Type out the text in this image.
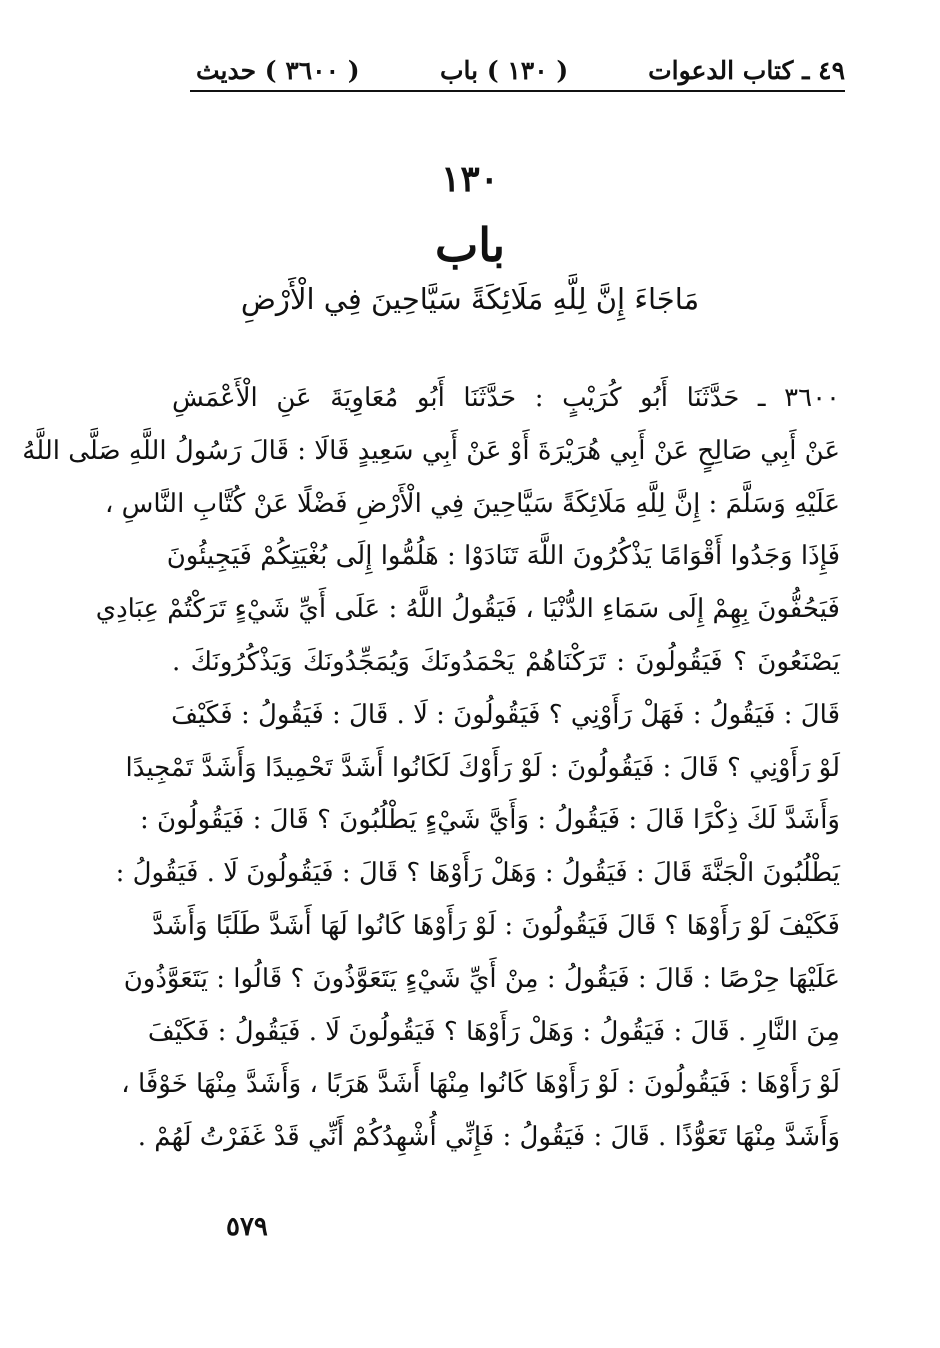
( ٣٦٠٠ ) حديث	( ١٣٠ ) باب	٤٩ ـ كتاب الدعوات
١٣٠
باب
مَاجَاءَ إِنَّ لِلَّهِ مَلَائِكَةً سَيَّاحِينَ فِي الْأَرْضِ
٣٦٠٠ ـ حَدَّثَنَا أَبُو كُرَيْبٍ : حَدَّثَنَا أَبُو مُعَاوِيَةَ عَنِ الْأَعْمَشِ
عَنْ أَبِي صَالِحٍ عَنْ أَبِي هُرَيْرَةَ أَوْ عَنْ أَبِي سَعِيدٍ قَالَا : قَالَ رَسُولُ اللَّهِ صَلَّى اللَّهُ
عَلَيْهِ وَسَلَّمَ : إِنَّ لِلَّهِ مَلَائِكَةً سَيَّاحِينَ فِي الْأَرْضِ فَضْلًا عَنْ كُتَّابِ النَّاسِ ،
فَإِذَا وَجَدُوا أَقْوَامًا يَذْكُرُونَ اللَّهَ تَنَادَوْا : هَلُمُّوا إِلَى بُغْيَتِكُمْ فَيَجِيئُونَ
فَيَحُفُّونَ بِهِمْ إِلَى سَمَاءِ الدُّنْيَا ، فَيَقُولُ اللَّهُ : عَلَى أَيِّ شَيْءٍ تَرَكْتُمْ عِبَادِي
يَصْنَعُونَ ؟ فَيَقُولُونَ : تَرَكْنَاهُمْ يَحْمَدُونَكَ وَيُمَجِّدُونَكَ وَيَذْكُرُونَكَ .
قَالَ : فَيَقُولُ : فَهَلْ رَأَوْنِي ؟ فَيَقُولُونَ : لَا . قَالَ : فَيَقُولُ : فَكَيْفَ
لَوْ رَأَوْنِي ؟ قَالَ : فَيَقُولُونَ : لَوْ رَأَوْكَ لَكَانُوا أَشَدَّ تَحْمِيدًا وَأَشَدَّ تَمْجِيدًا
وَأَشَدَّ لَكَ ذِكْرًا قَالَ : فَيَقُولُ : وَأَيَّ شَيْءٍ يَطْلُبُونَ ؟ قَالَ : فَيَقُولُونَ :
يَطْلُبُونَ الْجَنَّةَ قَالَ : فَيَقُولُ : وَهَلْ رَأَوْهَا ؟ قَالَ : فَيَقُولُونَ لَا . فَيَقُولُ :
فَكَيْفَ لَوْ رَأَوْهَا ؟ قَالَ فَيَقُولُونَ : لَوْ رَأَوْهَا كَانُوا لَهَا أَشَدَّ طَلَبًا وَأَشَدَّ
عَلَيْهَا حِرْصًا : قَالَ : فَيَقُولُ : مِنْ أَيِّ شَيْءٍ يَتَعَوَّذُونَ ؟ قَالُوا : يَتَعَوَّذُونَ
مِنَ النَّارِ . قَالَ : فَيَقُولُ : وَهَلْ رَأَوْهَا ؟ فَيَقُولُونَ لَا . فَيَقُولُ : فَكَيْفَ
لَوْ رَأَوْهَا : فَيَقُولُونَ : لَوْ رَأَوْهَا كَانُوا مِنْهَا أَشَدَّ هَرَبًا ، وَأَشَدَّ مِنْهَا خَوْفًا ،
وَأَشَدَّ مِنْهَا تَعَوُّذًا . قَالَ : فَيَقُولُ : فَإِنِّي أُشْهِدُكُمْ أَنِّي قَدْ غَفَرْتُ لَهُمْ .
٥٧٩
